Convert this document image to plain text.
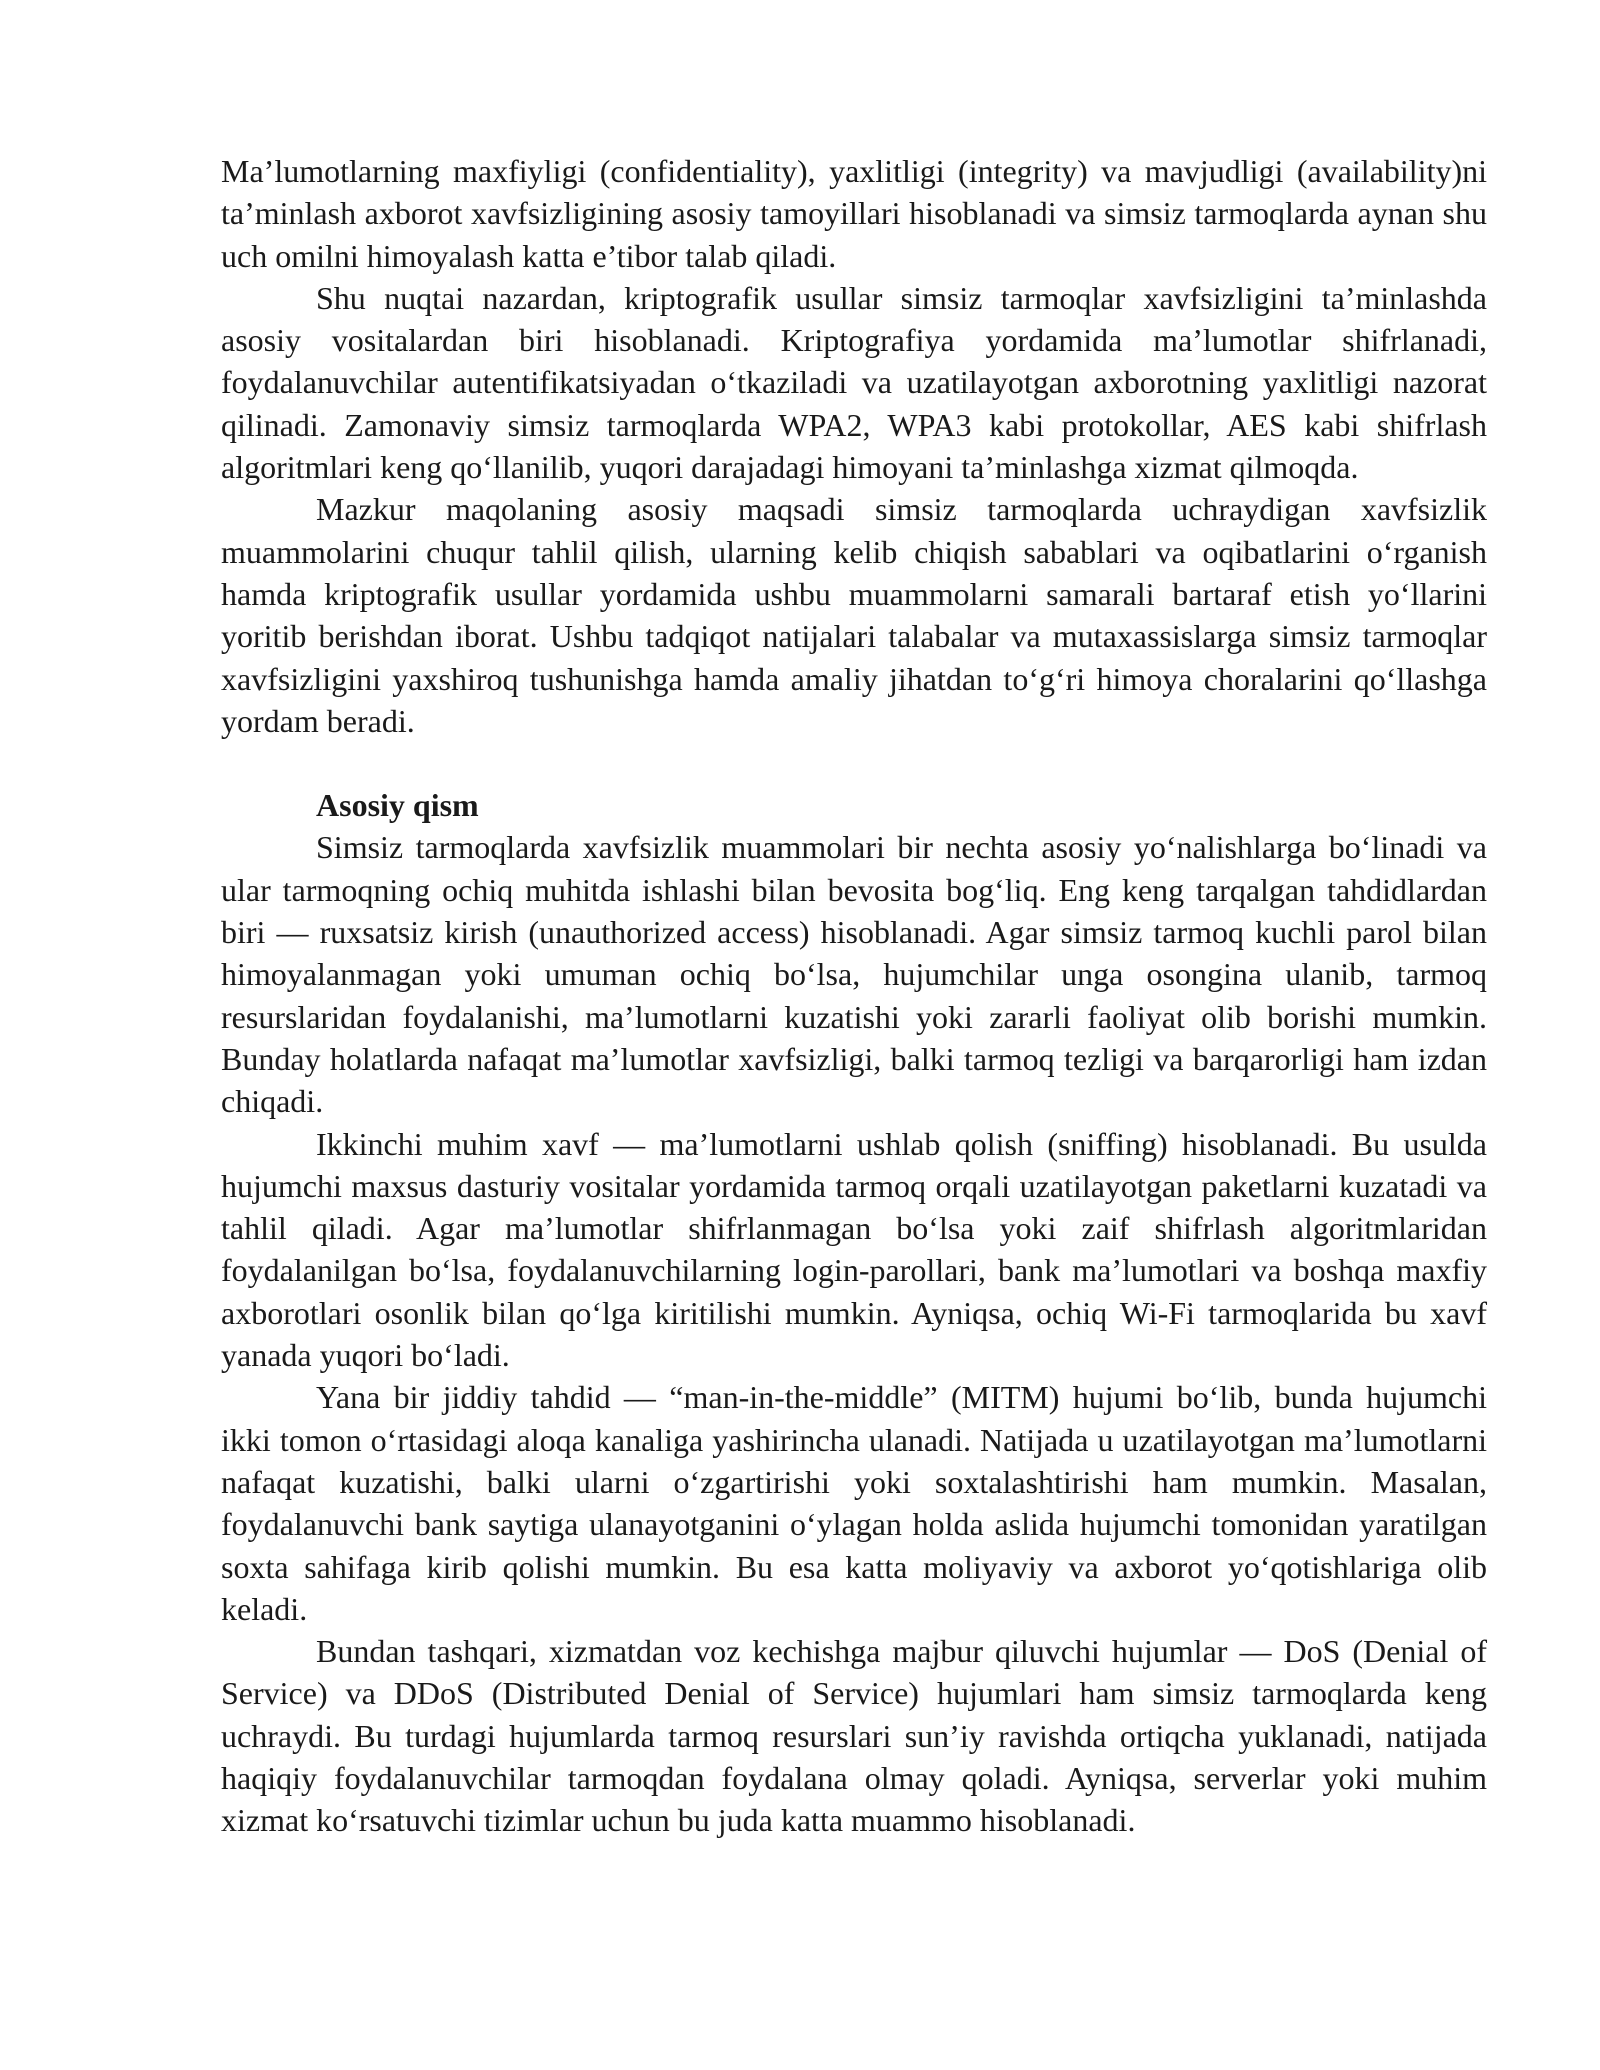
Ma’lumotlarning maxfiyligi (confidentiality), yaxlitligi (integrity) va mavjudligi (availability)ni ta’minlash axborot xavfsizligining asosiy tamoyillari hisoblanadi va simsiz tarmoqlarda aynan shu uch omilni himoyalash katta e’tibor talab qiladi.

Shu nuqtai nazardan, kriptografik usullar simsiz tarmoqlar xavfsizligini ta’minlashda asosiy vositalardan biri hisoblanadi. Kriptografiya yordamida ma’lumotlar shifrlanadi, foydalanuvchilar autentifikatsiyadan o‘tkaziladi va uzatilayotgan axborotning yaxlitligi nazorat qilinadi. Zamonaviy simsiz tarmoqlarda WPA2, WPA3 kabi protokollar, AES kabi shifrlash algoritmlari keng qo‘llanilib, yuqori darajadagi himoyani ta’minlashga xizmat qilmoqda.

Mazkur maqolaning asosiy maqsadi simsiz tarmoqlarda uchraydigan xavfsizlik muammolarini chuqur tahlil qilish, ularning kelib chiqish sabablari va oqibatlarini o‘rganish hamda kriptografik usullar yordamida ushbu muammolarni samarali bartaraf etish yo‘llarini yoritib berishdan iborat. Ushbu tadqiqot natijalari talabalar va mutaxassislarga simsiz tarmoqlar xavfsizligini yaxshiroq tushunishga hamda amaliy jihatdan to‘g‘ri himoya choralarini qo‘llashga yordam beradi.

Asosiy qism

Simsiz tarmoqlarda xavfsizlik muammolari bir nechta asosiy yo‘nalishlarga bo‘linadi va ular tarmoqning ochiq muhitda ishlashi bilan bevosita bog‘liq. Eng keng tarqalgan tahdidlardan biri — ruxsatsiz kirish (unauthorized access) hisoblanadi. Agar simsiz tarmoq kuchli parol bilan himoyalanmagan yoki umuman ochiq bo‘lsa, hujumchilar unga osongina ulanib, tarmoq resurslaridan foydalanishi, ma’lumotlarni kuzatishi yoki zararli faoliyat olib borishi mumkin. Bunday holatlarda nafaqat ma’lumotlar xavfsizligi, balki tarmoq tezligi va barqarorligi ham izdan chiqadi.

Ikkinchi muhim xavf — ma’lumotlarni ushlab qolish (sniffing) hisoblanadi. Bu usulda hujumchi maxsus dasturiy vositalar yordamida tarmoq orqali uzatilayotgan paketlarni kuzatadi va tahlil qiladi. Agar ma’lumotlar shifrlanmagan bo‘lsa yoki zaif shifrlash algoritmlaridan foydalanilgan bo‘lsa, foydalanuvchilarning login-parollari, bank ma’lumotlari va boshqa maxfiy axborotlari osonlik bilan qo‘lga kiritilishi mumkin. Ayniqsa, ochiq Wi-Fi tarmoqlarida bu xavf yanada yuqori bo‘ladi.

Yana bir jiddiy tahdid — “man-in-the-middle” (MITM) hujumi bo‘lib, bunda hujumchi ikki tomon o‘rtasidagi aloqa kanaliga yashirincha ulanadi. Natijada u uzatilayotgan ma’lumotlarni nafaqat kuzatishi, balki ularni o‘zgartirishi yoki soxtalashtirishi ham mumkin. Masalan, foydalanuvchi bank saytiga ulanayotganini o‘ylagan holda aslida hujumchi tomonidan yaratilgan soxta sahifaga kirib qolishi mumkin. Bu esa katta moliyaviy va axborot yo‘qotishlariga olib keladi.

Bundan tashqari, xizmatdan voz kechishga majbur qiluvchi hujumlar — DoS (Denial of Service) va DDoS (Distributed Denial of Service) hujumlari ham simsiz tarmoqlarda keng uchraydi. Bu turdagi hujumlarda tarmoq resurslari sun’iy ravishda ortiqcha yuklanadi, natijada haqiqiy foydalanuvchilar tarmoqdan foydalana olmay qoladi. Ayniqsa, serverlar yoki muhim xizmat ko‘rsatuvchi tizimlar uchun bu juda katta muammo hisoblanadi.
